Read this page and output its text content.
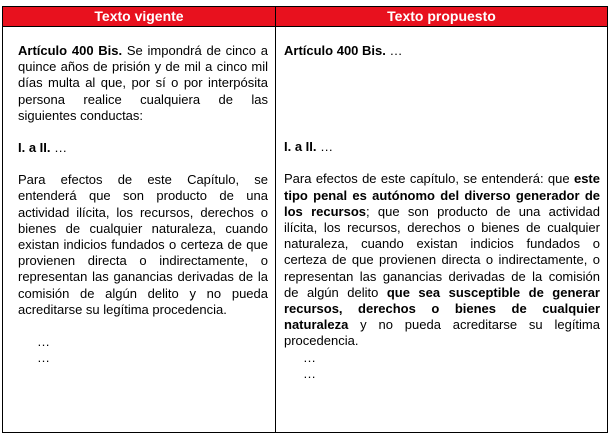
Texto vigente	Texto propuesto

Artículo 400 Bis. Se impondrá de cinco a quince años de prisión y de mil a cinco mil días multa al que, por sí o por interpósita persona realice cualquiera de las siguientes conductas:

I. a II. …

Para efectos de este Capítulo, se entenderá que son producto de una actividad ilícita, los recursos, derechos o bienes de cualquier naturaleza, cuando existan indicios fundados o certeza de que provienen directa o indirectamente, o representan las ganancias derivadas de la comisión de algún delito y no pueda acreditarse su legítima procedencia.

…

…

Artículo 400 Bis. …

I. a II. …

Para efectos de este capítulo, se entenderá: que este tipo penal es autónomo del diverso generador de los recursos; que son producto de una actividad ilícita, los recursos, derechos o bienes de cualquier naturaleza, cuando existan indicios fundados o certeza de que provienen directa o indirectamente, o representan las ganancias derivadas de la comisión de algún delito que sea susceptible de generar recursos, derechos o bienes de cualquier naturaleza y no pueda acreditarse su legítima procedencia.

…

…
